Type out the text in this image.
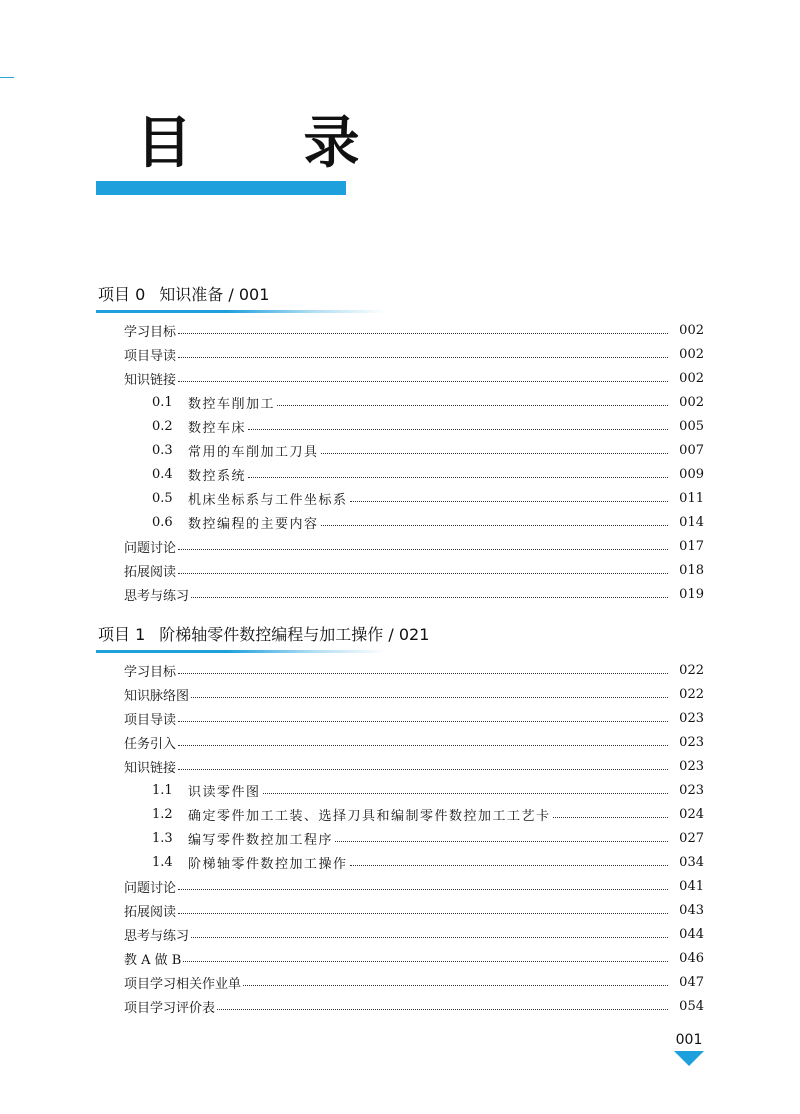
目 录
项目 0 知识准备 / 001
学习目标	002
项目导读	002
知识链接	002
0.1	数控车削加工	002
0.2	数控车床	005
0.3	常用的车削加工刀具	007
0.4	数控系统	009
0.5	机床坐标系与工件坐标系	011
0.6	数控编程的主要内容	014
问题讨论	017
拓展阅读	018
思考与练习	019
项目 1 阶梯轴零件数控编程与加工操作 / 021
学习目标	022
知识脉络图	022
项目导读	023
任务引入	023
知识链接	023
1.1	识读零件图	023
1.2	确定零件加工工装、选择刀具和编制零件数控加工工艺卡	024
1.3	编写零件数控加工程序	027
1.4	阶梯轴零件数控加工操作	034
问题讨论	041
拓展阅读	043
思考与练习	044
教 A 做 B	046
项目学习相关作业单	047
项目学习评价表	054
001
